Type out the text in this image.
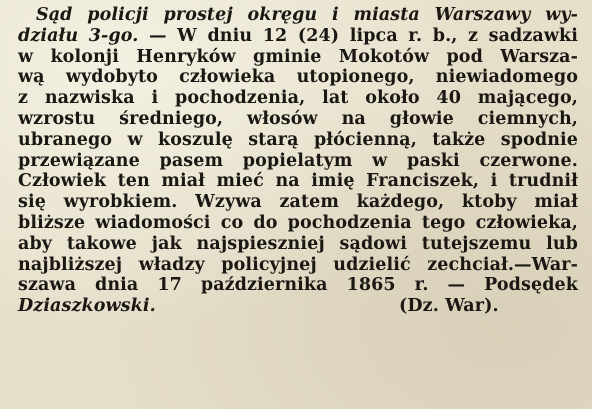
Sąd policji prostej okręgu i miasta Warszawy wy-
działu 3-go. — W dniu 12 (24) lipca r. b., z sadzawki
w kolonji Henryków gminie Mokotów pod Warsza-
wą wydobyto człowieka utopionego, niewiadomego
z nazwiska i pochodzenia, lat około 40 mającego,
wzrostu średniego, włosów na głowie ciemnych,
ubranego w koszulę starą płócienną, także spodnie
przewiązane pasem popielatym w paski czerwone.
Człowiek ten miał mieć na imię Franciszek, i trudnił
się wyrobkiem. Wzywa zatem każdego, ktoby miał
bliższe wiadomości co do pochodzenia tego człowieka,
aby takowe jak najspieszniej sądowi tutejszemu lub
najbliższej władzy policyjnej udzielić zechciał.—War-
szawa dnia 17 października 1865 r. — Podsędek
Dziaszkowski.	(Dz. War).
